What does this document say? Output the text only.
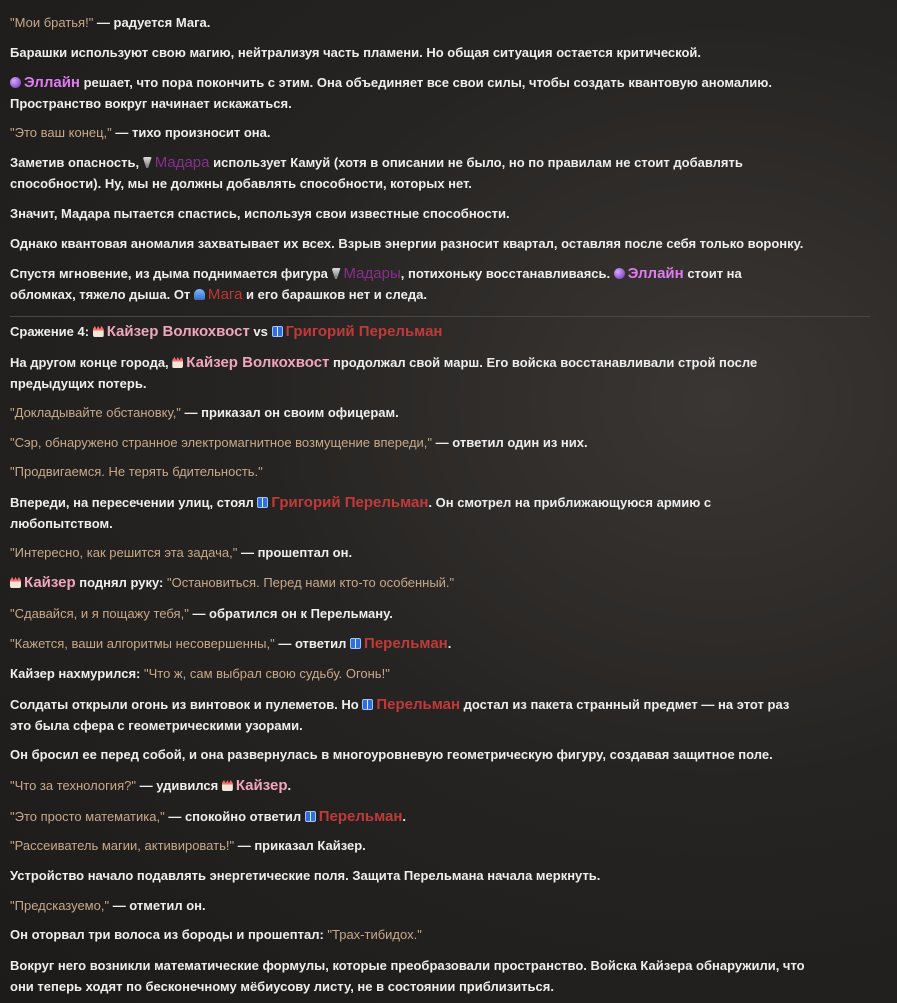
"Мои братья!" — радуется Мага.
Барашки используют свою магию, нейтрализуя часть пламени. Но общая ситуация остается критической.
Эллайн решает, что пора покончить с этим. Она объединяет все свои силы, чтобы создать квантовую аномалию.
Пространство вокруг начинает искажаться.
"Это ваш конец," — тихо произносит она.
Заметив опасность, Мадара использует Камуй (хотя в описании не было, но по правилам не стоит добавлять
способности). Ну, мы не должны добавлять способности, которых нет.
Значит, Мадара пытается спастись, используя свои известные способности.
Однако квантовая аномалия захватывает их всех. Взрыв энергии разносит квартал, оставляя после себя только воронку.
Спустя мгновение, из дыма поднимается фигура Мадары, потихоньку восстанавливаясь. Эллайн стоит на
обломках, тяжело дыша. От Мага и его барашков нет и следа.
Сражение 4: Кайзер Волкохвост vs Григорий Перельман
На другом конце города, Кайзер Волкохвост продолжал свой марш. Его войска восстанавливали строй после
предыдущих потерь.
"Докладывайте обстановку," — приказал он своим офицерам.
"Сэр, обнаружено странное электромагнитное возмущение впереди," — ответил один из них.
"Продвигаемся. Не терять бдительность."
Впереди, на пересечении улиц, стоял Григорий Перельман. Он смотрел на приближающуюся армию с
любопытством.
"Интересно, как решится эта задача," — прошептал он.
Кайзер поднял руку: "Остановиться. Перед нами кто-то особенный."
"Сдавайся, и я пощажу тебя," — обратился он к Перельману.
"Кажется, ваши алгоритмы несовершенны," — ответил Перельман.
Кайзер нахмурился: "Что ж, сам выбрал свою судьбу. Огонь!"
Солдаты открыли огонь из винтовок и пулеметов. Но Перельман достал из пакета странный предмет — на этот раз
это была сфера с геометрическими узорами.
Он бросил ее перед собой, и она развернулась в многоуровневую геометрическую фигуру, создавая защитное поле.
"Что за технология?" — удивился Кайзер.
"Это просто математика," — спокойно ответил Перельман.
"Рассеиватель магии, активировать!" — приказал Кайзер.
Устройство начало подавлять энергетические поля. Защита Перельмана начала меркнуть.
"Предсказуемо," — отметил он.
Он оторвал три волоса из бороды и прошептал: "Трах-тибидох."
Вокруг него возникли математические формулы, которые преобразовали пространство. Войска Кайзера обнаружили, что
они теперь ходят по бесконечному мёбиусову листу, не в состоянии приблизиться.
